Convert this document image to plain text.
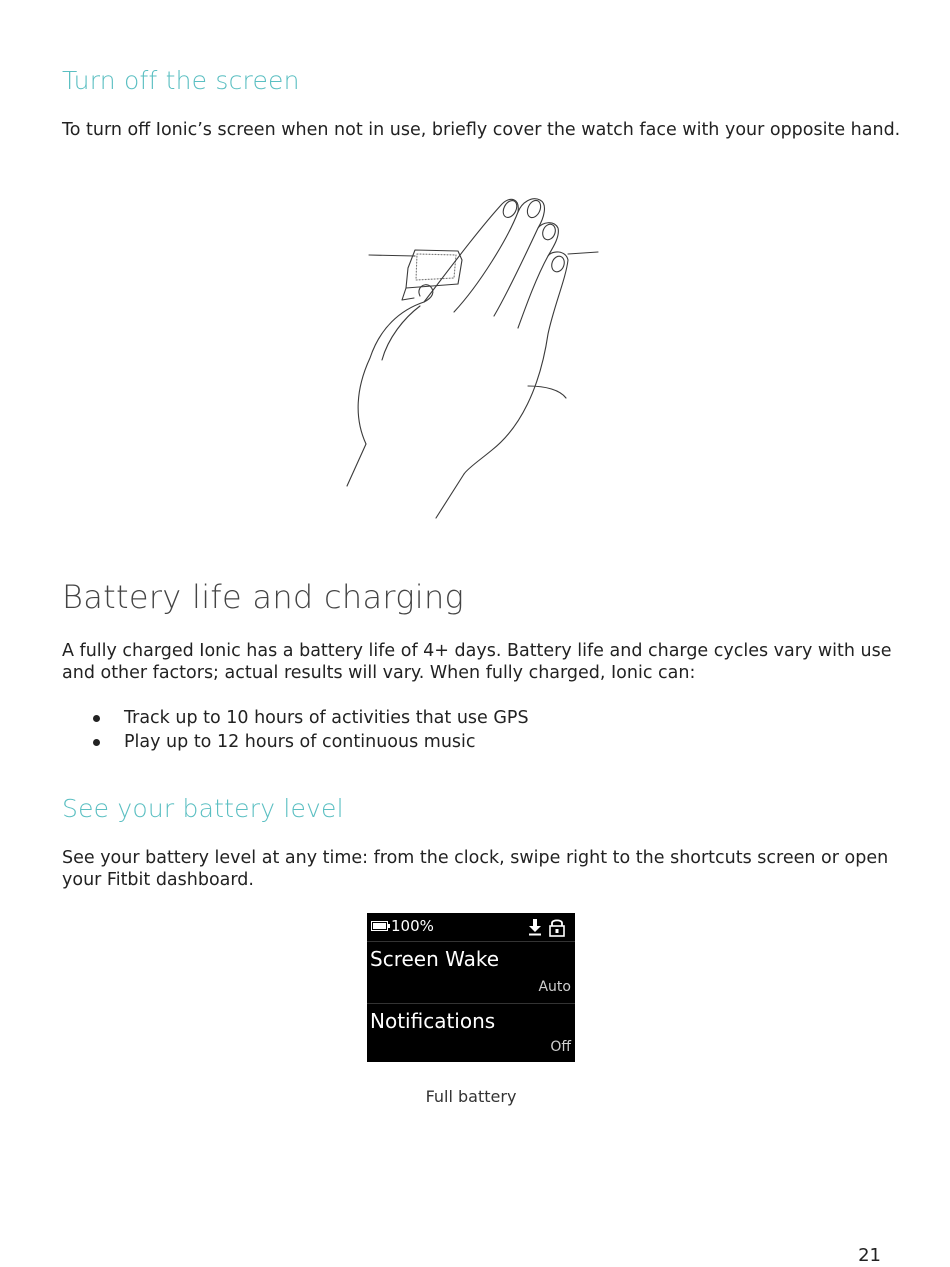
Turn off the screen

To turn off Ionic’s screen when not in use, briefly cover the watch face with your opposite hand.

Battery life and charging

A fully charged Ionic has a battery life of 4+ days. Battery life and charge cycles vary with use and other factors; actual results will vary. When fully charged, Ionic can:

Track up to 10 hours of activities that use GPS
Play up to 12 hours of continuous music
See your battery level

See your battery level at any time: from the clock, swipe right to the shortcuts screen or open your Fitbit dashboard.

100%
Screen Wake
Auto
Notifications
Off

Full battery

21
